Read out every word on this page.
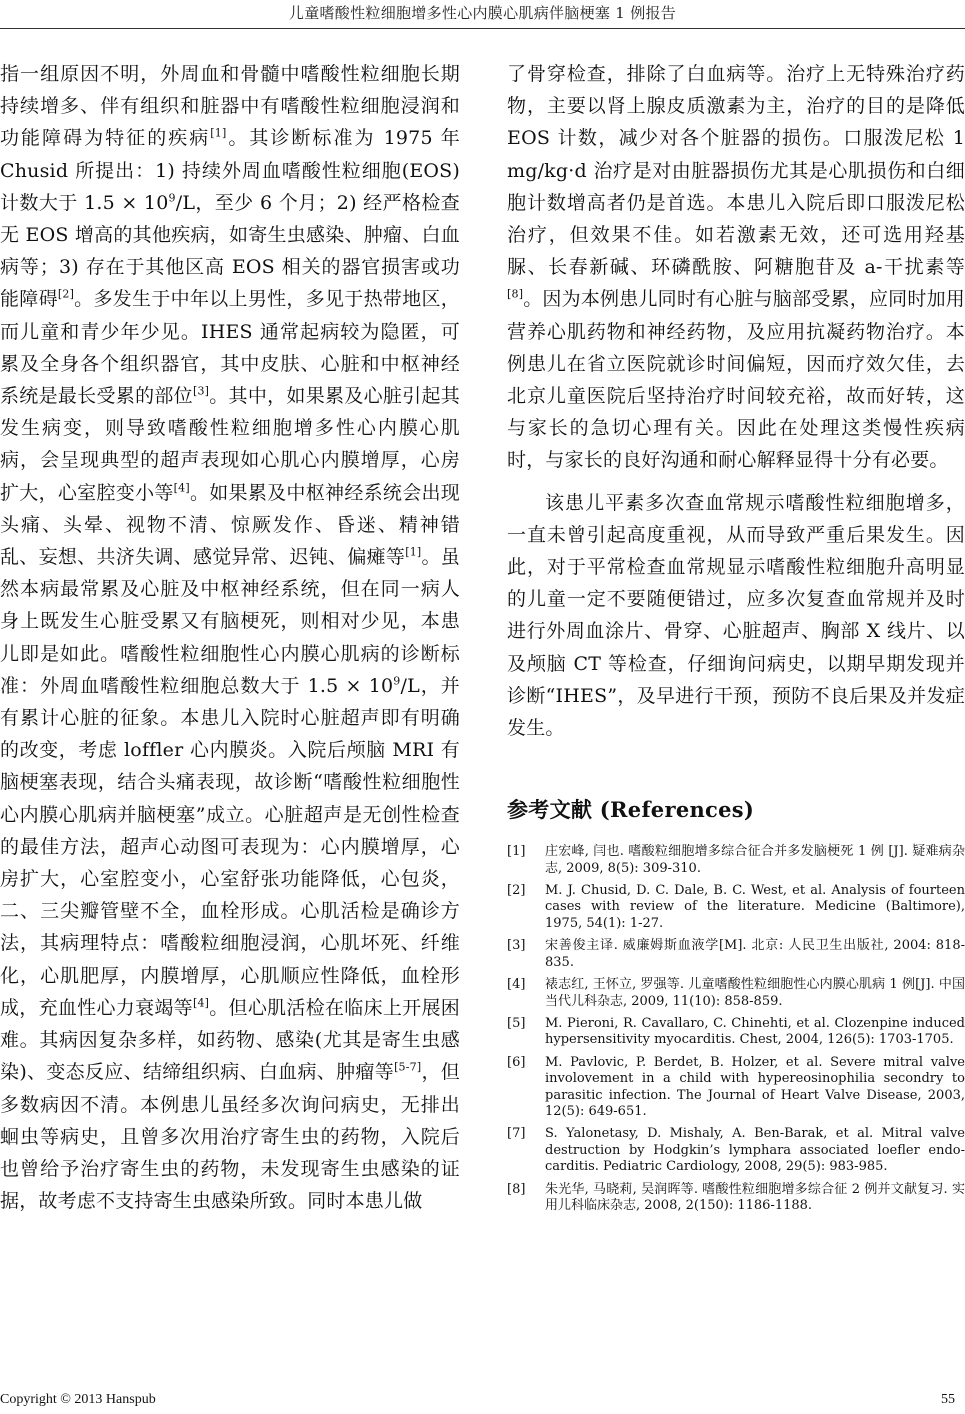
儿童嗜酸性粒细胞增多性心内膜心肌病伴脑梗塞 1 例报告

指一组原因不明，外周血和骨髓中嗜酸性粒细胞长期持续增多、伴有组织和脏器中有嗜酸性粒细胞浸润和功能障碍为特征的疾病[1]。其诊断标准为 1975 年 Chusid 所提出：1) 持续外周血嗜酸性粒细胞(EOS)计数大于 $1.5 \times 10^9/L$，至少 6 个月；2) 经严格检查无 EOS 增高的其他疾病，如寄生虫感染、肿瘤、白血病等；3) 存在于其他区高 EOS 相关的器官损害或功能障碍[2]。多发生于中年以上男性，多见于热带地区，而儿童和青少年少见。IHES 通常起病较为隐匿，可累及全身各个组织器官，其中皮肤、心脏和中枢神经系统是最长受累的部位[3]。其中，如果累及心脏引起其发生病变，则导致嗜酸性粒细胞增多性心内膜心肌病，会呈现典型的超声表现如心肌心内膜增厚，心房扩大，心室腔变小等[4]。如果累及中枢神经系统会出现头痛、头晕、视物不清、惊厥发作、昏迷、精神错乱、妄想、共济失调、感觉异常、迟钝、偏瘫等[1]。虽然本病最常累及心脏及中枢神经系统，但在同一病人身上既发生心脏受累又有脑梗死，则相对少见，本患儿即是如此。嗜酸性粒细胞性心内膜心肌病的诊断标准：外周血嗜酸性粒细胞总数大于 $1.5 \times 10^9/L$，并有累计心脏的征象。本患儿入院时心脏超声即有明确的改变，考虑 loffler 心内膜炎。入院后颅脑 MRI 有脑梗塞表现，结合头痛表现，故诊断“嗜酸性粒细胞性心内膜心肌病并脑梗塞”成立。心脏超声是无创性检查的最佳方法，超声心动图可表现为：心内膜增厚，心房扩大，心室腔变小，心室舒张功能降低，心包炎，二、三尖瓣管壁不全，血栓形成。心肌活检是确诊方法，其病理特点：嗜酸粒细胞浸润，心肌坏死、纤维化，心肌肥厚，内膜增厚，心肌顺应性降低，血栓形成，充血性心力衰竭等[4]。但心肌活检在临床上开展困难。其病因复杂多样，如药物、感染(尤其是寄生虫感染)、变态反应、结缔组织病、白血病、肿瘤等[5-7]，但多数病因不清。本例患儿虽经多次询问病史，无排出蛔虫等病史，且曾多次用治疗寄生虫的药物，入院后也曾给予治疗寄生虫的药物，未发现寄生虫感染的证据，故考虑不支持寄生虫感染所致。同时本患儿做

了骨穿检查，排除了白血病等。治疗上无特殊治疗药物，主要以肾上腺皮质激素为主，治疗的目的是降低 EOS 计数，减少对各个脏器的损伤。口服泼尼松 1 mg/kg·d 治疗是对由脏器损伤尤其是心肌损伤和白细胞计数增高者仍是首选。本患儿入院后即口服泼尼松治疗，但效果不佳。如若激素无效，还可选用羟基脲、长春新碱、环磷酰胺、阿糖胞苷及 a-干扰素等[8]。因为本例患儿同时有心脏与脑部受累，应同时加用营养心肌药物和神经药物，及应用抗凝药物治疗。本例患儿在省立医院就诊时间偏短，因而疗效欠佳，去北京儿童医院后坚持治疗时间较充裕，故而好转，这与家长的急切心理有关。因此在处理这类慢性疾病时，与家长的良好沟通和耐心解释显得十分有必要。

该患儿平素多次查血常规示嗜酸性粒细胞增多，一直未曾引起高度重视，从而导致严重后果发生。因此，对于平常检查血常规显示嗜酸性粒细胞升高明显的儿童一定不要随便错过，应多次复查血常规并及时进行外周血涂片、骨穿、心脏超声、胸部 X 线片、以及颅脑 CT 等检查，仔细询问病史，以期早期发现并诊断“IHES”，及早进行干预，预防不良后果及并发症发生。

参考文献 (References)
[1]	庄宏峰, 闫也. 嗜酸粒细胞增多综合征合并多发脑梗死 1 例 [J]. 疑难病杂志, 2009, 8(5): 309-310.
[2]	M. J. Chusid, D. C. Dale, B. C. West, et al. Analysis of fourteen cases with review of the literature. Medicine (Baltimore), 1975, 54(1): 1-27.
[3]	宋善俊主译. 威廉姆斯血液学[M]. 北京: 人民卫生出版社, 2004: 818-835.
[4]	裱志红, 王怀立, 罗强等. 儿童嗜酸性粒细胞性心内膜心肌病 1 例[J]. 中国当代儿科杂志, 2009, 11(10): 858-859.
[5]	M. Pieroni, R. Cavallaro, C. Chinehti, et al. Clozenpine induced hypersensitivity myocarditis. Chest, 2004, 126(5): 1703-1705.
[6]	M. Pavlovic, P. Berdet, B. Holzer, et al. Severe mitral valve involovement in a child with hypereosinophilia secondry to parasitic infection. The Journal of Heart Valve Disease, 2003, 12(5): 649-651.
[7]	S. Yalonetasy, D. Mishaly, A. Ben-Barak, et al. Mitral valve destruction by Hodgkin’s lymphara associated loefler endo-carditis. Pediatric Cardiology, 2008, 29(5): 983-985.
[8]	朱光华, 马晓莉, 吴润晖等. 嗜酸性粒细胞增多综合征 2 例并文献复习. 实用儿科临床杂志, 2008, 2(150): 1186-1188.
Copyright © 2013 Hanspub	55
